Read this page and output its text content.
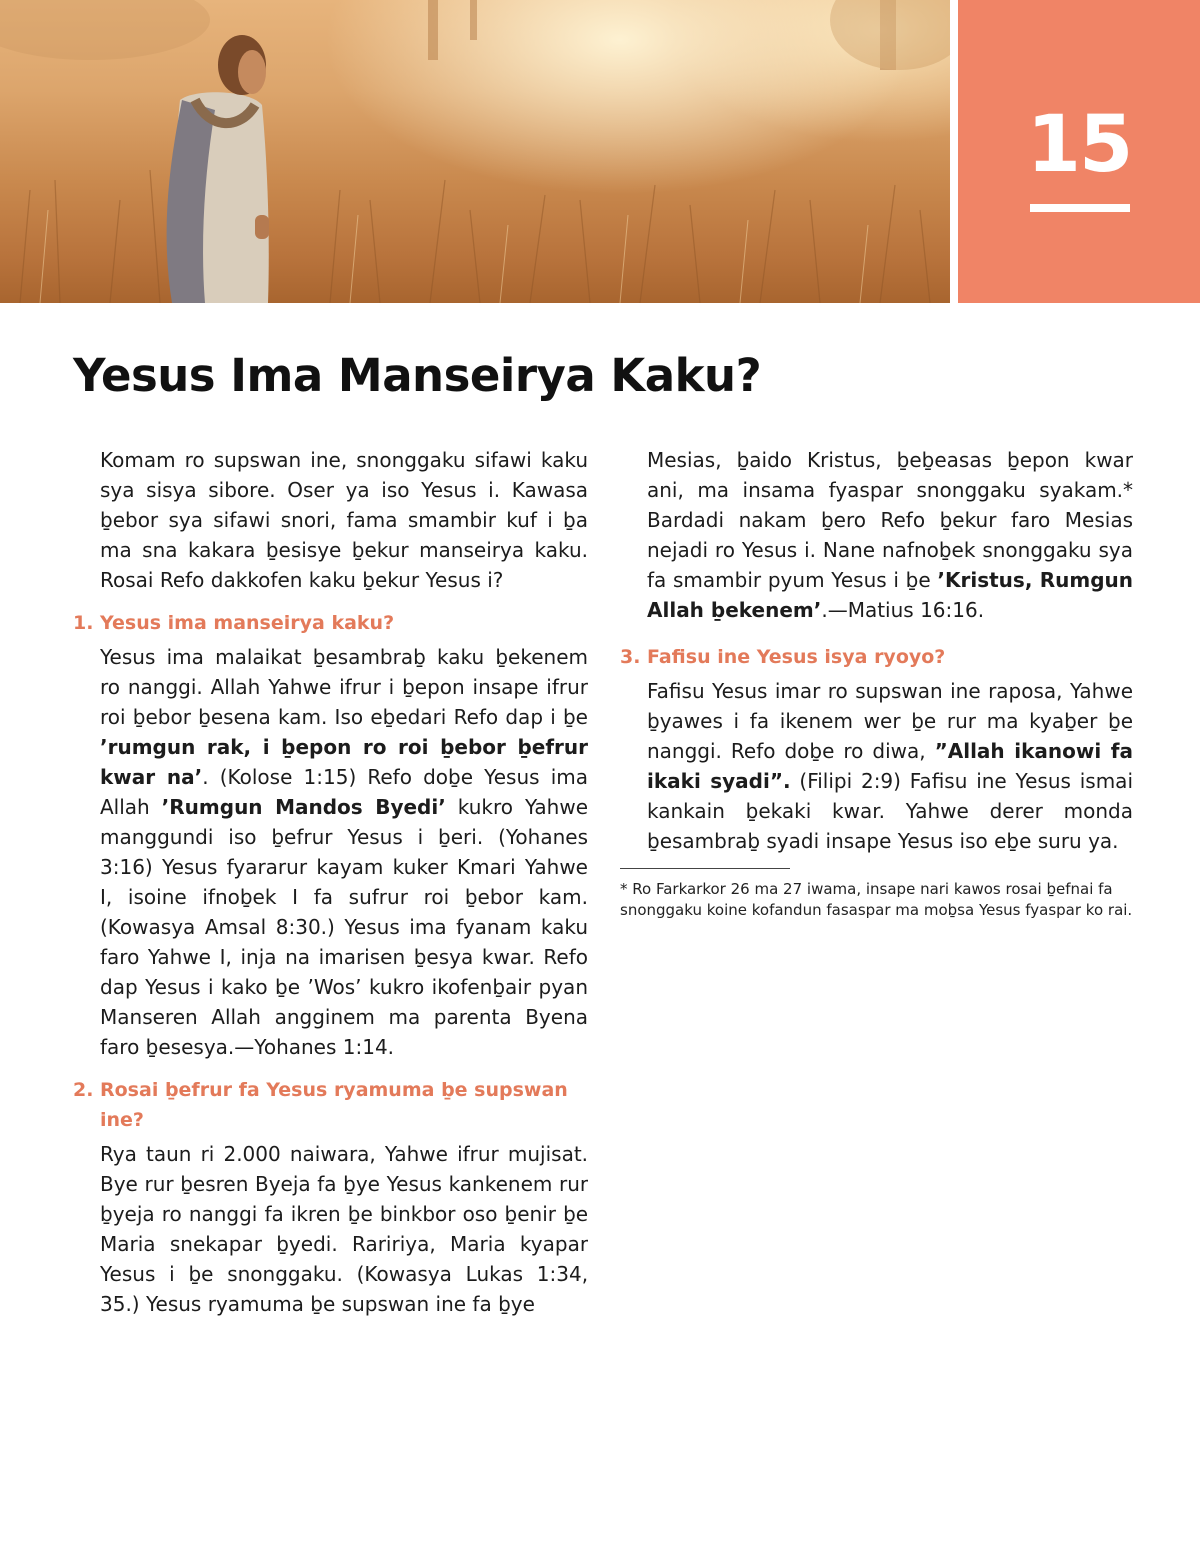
15
Yesus Ima Manseirya Kaku?

Komam ro supswan ine, snonggaku sifawi kaku sya sisya sibore. Oser ya iso Yesus i. Kawasa ḇebor sya sifawi snori, fama smambir kuf i ḇa ma sna kakara ḇesisye ḇekur manseirya kaku. Rosai Refo dakkofen kaku ḇekur Yesus i?

1. Yesus ima manseirya kaku?

Yesus ima malaikat ḇesambraḇ kaku ḇekenem ro nanggi. Allah Yahwe ifrur i ḇepon insape ifrur roi ḇebor ḇesena kam. Iso eḇedari Refo dap i ḇe ’rumgun rak, i ḇepon ro roi ḇebor ḇefrur kwar na’. (Kolose 1:15) Refo doḇe Yesus ima Allah ’Rumgun Mandos Byedi’ kukro Yahwe manggundi iso ḇefrur Yesus i ḇeri. (Yohanes 3:16) Yesus fyararur kayam kuker Kmari Yahwe I, isoine ifnoḇek I fa sufrur roi ḇebor kam. (Kowasya Amsal 8:30.) Yesus ima fyanam kaku faro Yahwe I, inja na imarisen ḇesya kwar. Refo dap Yesus i kako ḇe ’Wos’ kukro ikofenḇair pyan Manseren Allah angginem ma parenta Byena faro ḇesesya.—Yohanes 1:14.

2. Rosai ḇefrur fa Yesus ryamuma ḇe supswan ine?

Rya taun ri 2.000 naiwara, Yahwe ifrur mujisat. Bye rur ḇesren Byeja fa ḇye Yesus kankenem rur ḇyeja ro nanggi fa ikren ḇe binkbor oso ḇenir ḇe Maria snekapar ḇyedi. Raririya, Maria kyapar Yesus i ḇe snonggaku. (Kowasya Lukas 1:34, 35.) Yesus ryamuma ḇe supswan ine fa ḇye

Mesias, ḇaido Kristus, ḇeḇeasas ḇepon kwar ani, ma insama fyaspar snonggaku syakam.* Bardadi nakam ḇero Refo ḇekur faro Mesias nejadi ro Yesus i. Nane nafnoḇek snonggaku sya fa smambir pyum Yesus i ḇe ’Kristus, Rumgun Allah ḇekenem’.—Matius 16:16.

3. Fafisu ine Yesus isya ryoyo?

Fafisu Yesus imar ro supswan ine raposa, Yahwe ḇyawes i fa ikenem wer ḇe rur ma kyaḇer ḇe nanggi. Refo doḇe ro diwa, ”Allah ikanowi fa ikaki syadi”. (Filipi 2:9) Fafisu ine Yesus ismai kankain ḇekaki kwar. Yahwe derer monda ḇesambraḇ syadi insape Yesus iso eḇe suru ya.

* Ro Farkarkor 26 ma 27 iwama, insape nari kawos rosai ḇefnai fa snonggaku koine kofandun fasaspar ma moḇsa Yesus fyaspar ko rai.
